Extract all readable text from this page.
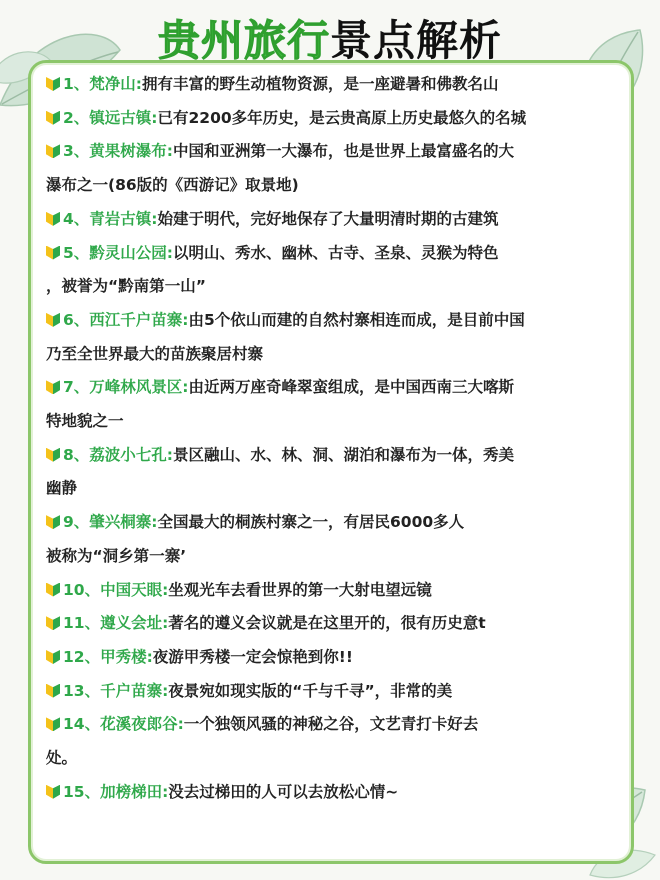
贵州旅行景点解析
1、梵净山:拥有丰富的野生动植物资源，是一座避暑和佛教名山
2、镇远古镇:已有2200多年历史，是云贵高原上历史最悠久的名城
3、黄果树瀑布:中国和亚洲第一大瀑布，也是世界上最富盛名的大
瀑布之一(86版的《西游记》取景地)
4、青岩古镇:始建于明代，完好地保存了大量明清时期的古建筑
5、黔灵山公园:以明山、秀水、幽林、古寺、圣泉、灵猴为特色
，被誉为“黔南第一山”
6、西江千户苗寨:由5个依山而建的自然村寨相连而成，是目前中国
乃至全世界最大的苗族聚居村寨
7、万峰林风景区:由近两万座奇峰翠蛮组成，是中国西南三大喀斯
特地貌之一
8、荔波小七孔:景区融山、水、林、洞、湖泊和瀑布为一体，秀美
幽静
9、肇兴桐寨:全国最大的桐族村寨之一，有居民6000多人
被称为“洞乡第一寨’
10、中国天眼:坐观光车去看世界的第一大射电望远镜
11、遵义会址:著名的遵义会议就是在这里开的，很有历史意t
12、甲秀楼:夜游甲秀楼一定会惊艳到你!!
13、千户苗寨:夜景宛如现实版的“千与千寻”，非常的美
14、花溪夜郎谷:一个独领风骚的神秘之谷，文艺青打卡好去
处。
15、加榜梯田:没去过梯田的人可以去放松心情~
